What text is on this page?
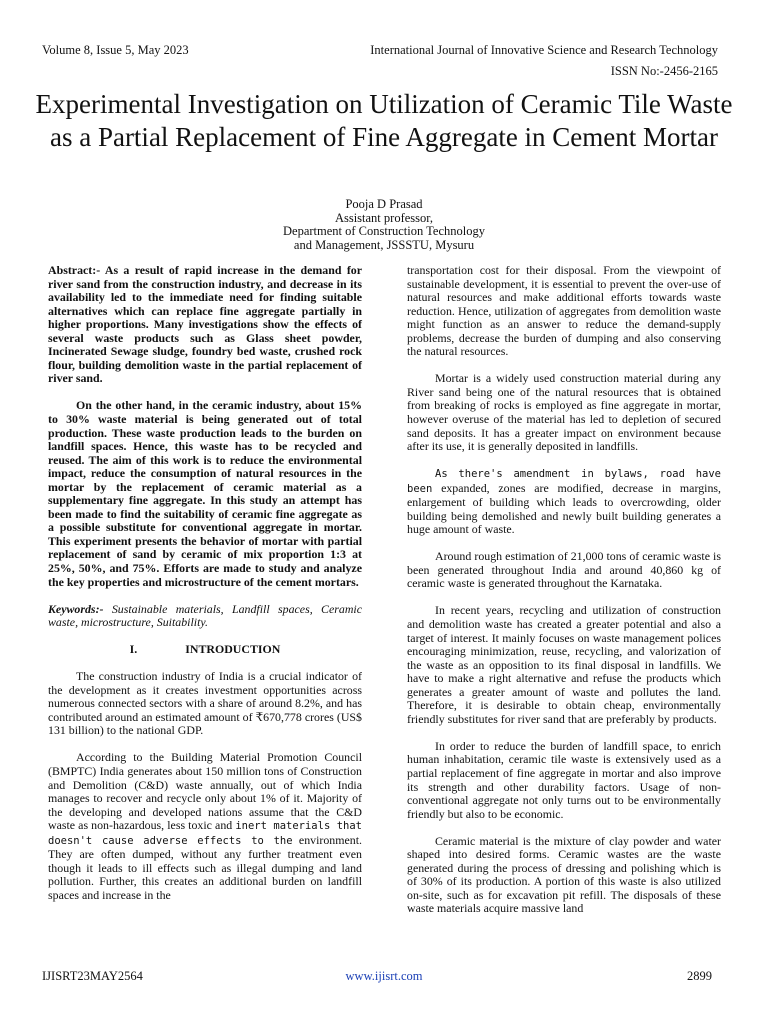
Volume 8, Issue 5, May 2023	International Journal of Innovative Science and Research Technology
ISSN No:-2456-2165
Experimental Investigation on Utilization of Ceramic Tile Waste as a Partial Replacement of Fine Aggregate in Cement Mortar
Pooja D Prasad
Assistant professor,
Department of Construction Technology
and Management, JSSSTU, Mysuru

Abstract:- As a result of rapid increase in the demand for river sand from the construction industry, and decrease in its availability led to the immediate need for finding suitable alternatives which can replace fine aggregate partially in higher proportions. Many investigations show the effects of several waste products such as Glass sheet powder, Incinerated Sewage sludge, foundry bed waste, crushed rock flour, building demolition waste in the partial replacement of river sand.

On the other hand, in the ceramic industry, about 15% to 30% waste material is being generated out of total production. These waste production leads to the burden on landfill spaces. Hence, this waste has to be recycled and reused. The aim of this work is to reduce the environmental impact, reduce the consumption of natural resources in the mortar by the replacement of ceramic material as a supplementary fine aggregate. In this study an attempt has been made to find the suitability of ceramic fine aggregate as a possible substitute for conventional aggregate in mortar. This experiment presents the behavior of mortar with partial replacement of sand by ceramic of mix proportion 1:3 at 25%, 50%, and 75%. Efforts are made to study and analyze the key properties and microstructure of the cement mortars.

Keywords:- Sustainable materials, Landfill spaces, Ceramic waste, microstructure, Suitability.

I.	INTRODUCTION

The construction industry of India is a crucial indicator of the development as it creates investment opportunities across numerous connected sectors with a share of around 8.2%, and has contributed around an estimated amount of ₹670,778 crores (US$ 131 billion) to the national GDP.

According to the Building Material Promotion Council (BMPTC) India generates about 150 million tons of Construction and Demolition (C&D) waste annually, out of which India manages to recover and recycle only about 1% of it. Majority of the developing and developed nations assume that the C&D waste as non-hazardous, less toxic and inert materials that doesn't cause adverse effects to the environment. They are often dumped, without any further treatment even though it leads to ill effects such as illegal dumping and land pollution. Further, this creates an additional burden on landfill spaces and increase in the

transportation cost for their disposal. From the viewpoint of sustainable development, it is essential to prevent the over-use of natural resources and make additional efforts towards waste reduction. Hence, utilization of aggregates from demolition waste might function as an answer to reduce the demand-supply problems, decrease the burden of dumping and also conserving the natural resources.

Mortar is a widely used construction material during any River sand being one of the natural resources that is obtained from breaking of rocks is employed as fine aggregate in mortar, however overuse of the material has led to depletion of secured sand deposits. It has a greater impact on environment because after its use, it is generally deposited in landfills.

As there's amendment in bylaws, road have been expanded, zones are modified, decrease in margins, enlargement of building which leads to overcrowding, older building being demolished and newly built building generates a huge amount of waste.

Around rough estimation of 21,000 tons of ceramic waste is been generated throughout India and around 40,860 kg of ceramic waste is generated throughout the Karnataka.

In recent years, recycling and utilization of construction and demolition waste has created a greater potential and also a target of interest. It mainly focuses on waste management polices encouraging minimization, reuse, recycling, and valorization of the waste as an opposition to its final disposal in landfills. We have to make a right alternative and refuse the products which generates a greater amount of waste and pollutes the land. Therefore, it is desirable to obtain cheap, environmentally friendly substitutes for river sand that are preferably by products.

In order to reduce the burden of landfill space, to enrich human inhabitation, ceramic tile waste is extensively used as a partial replacement of fine aggregate in mortar and also improve its strength and other durability factors. Usage of non-conventional aggregate not only turns out to be environmentally friendly but also to be economic.

Ceramic material is the mixture of clay powder and water shaped into desired forms. Ceramic wastes are the waste generated during the process of dressing and polishing which is of 30% of its production. A portion of this waste is also utilized on-site, such as for excavation pit refill. The disposals of these waste materials acquire massive land

IJISRT23MAY2564	www.ijisrt.com	2899
